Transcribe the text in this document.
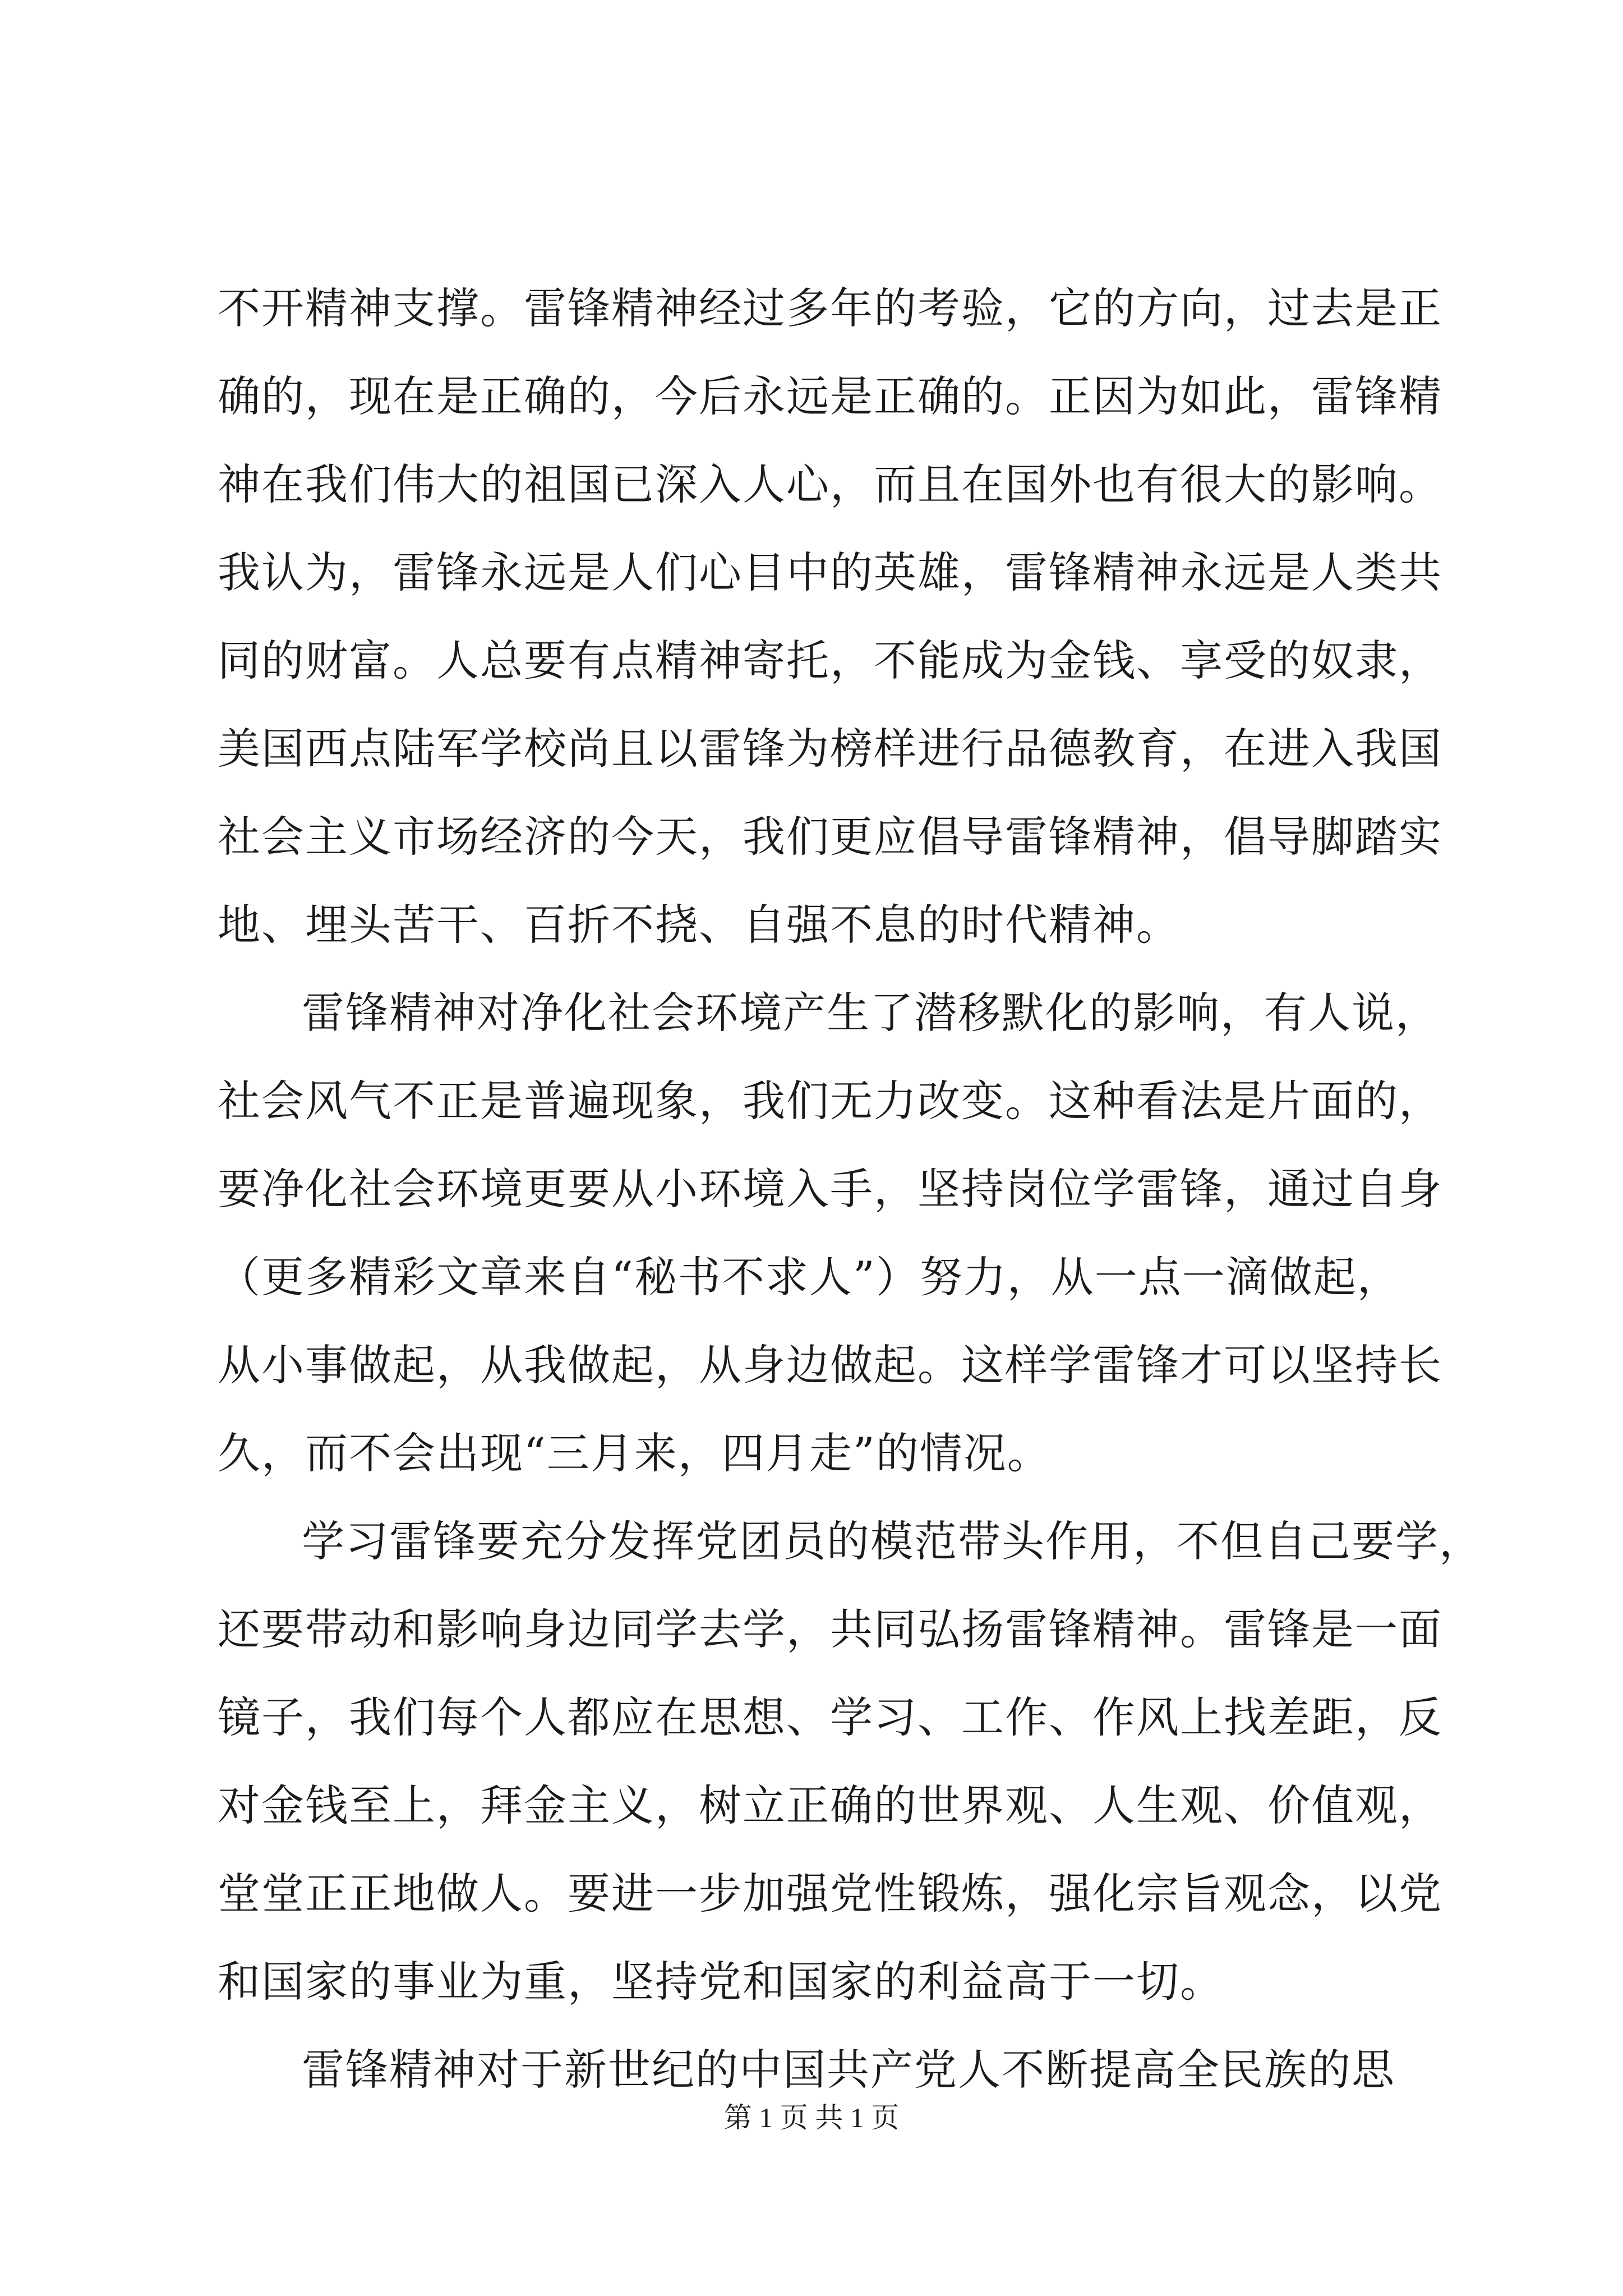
不开精神支撑。雷锋精神经过多年的考验，它的方向，过去是正
确的，现在是正确的，今后永远是正确的。正因为如此，雷锋精
神在我们伟大的祖国已深入人心，而且在国外也有很大的影响。
我认为，雷锋永远是人们心目中的英雄，雷锋精神永远是人类共
同的财富。人总要有点精神寄托，不能成为金钱、享受的奴隶，
美国西点陆军学校尚且以雷锋为榜样进行品德教育，在进入我国
社会主义市场经济的今天，我们更应倡导雷锋精神，倡导脚踏实
地、埋头苦干、百折不挠、自强不息的时代精神。
雷锋精神对净化社会环境产生了潜移默化的影响，有人说，
社会风气不正是普遍现象，我们无力改变。这种看法是片面的，
要净化社会环境更要从小环境入手，坚持岗位学雷锋，通过自身
（更多精彩文章来自“秘书不求人”）努力，从一点一滴做起，
从小事做起，从我做起，从身边做起。这样学雷锋才可以坚持长
久，而不会出现“三月来，四月走”的情况。
学习雷锋要充分发挥党团员的模范带头作用，不但自己要学，
还要带动和影响身边同学去学，共同弘扬雷锋精神。雷锋是一面
镜子，我们每个人都应在思想、学习、工作、作风上找差距，反
对金钱至上，拜金主义，树立正确的世界观、人生观、价值观，
堂堂正正地做人。要进一步加强党性锻炼，强化宗旨观念，以党
和国家的事业为重，坚持党和国家的利益高于一切。
雷锋精神对于新世纪的中国共产党人不断提高全民族的思
第 1 页 共 1 页
